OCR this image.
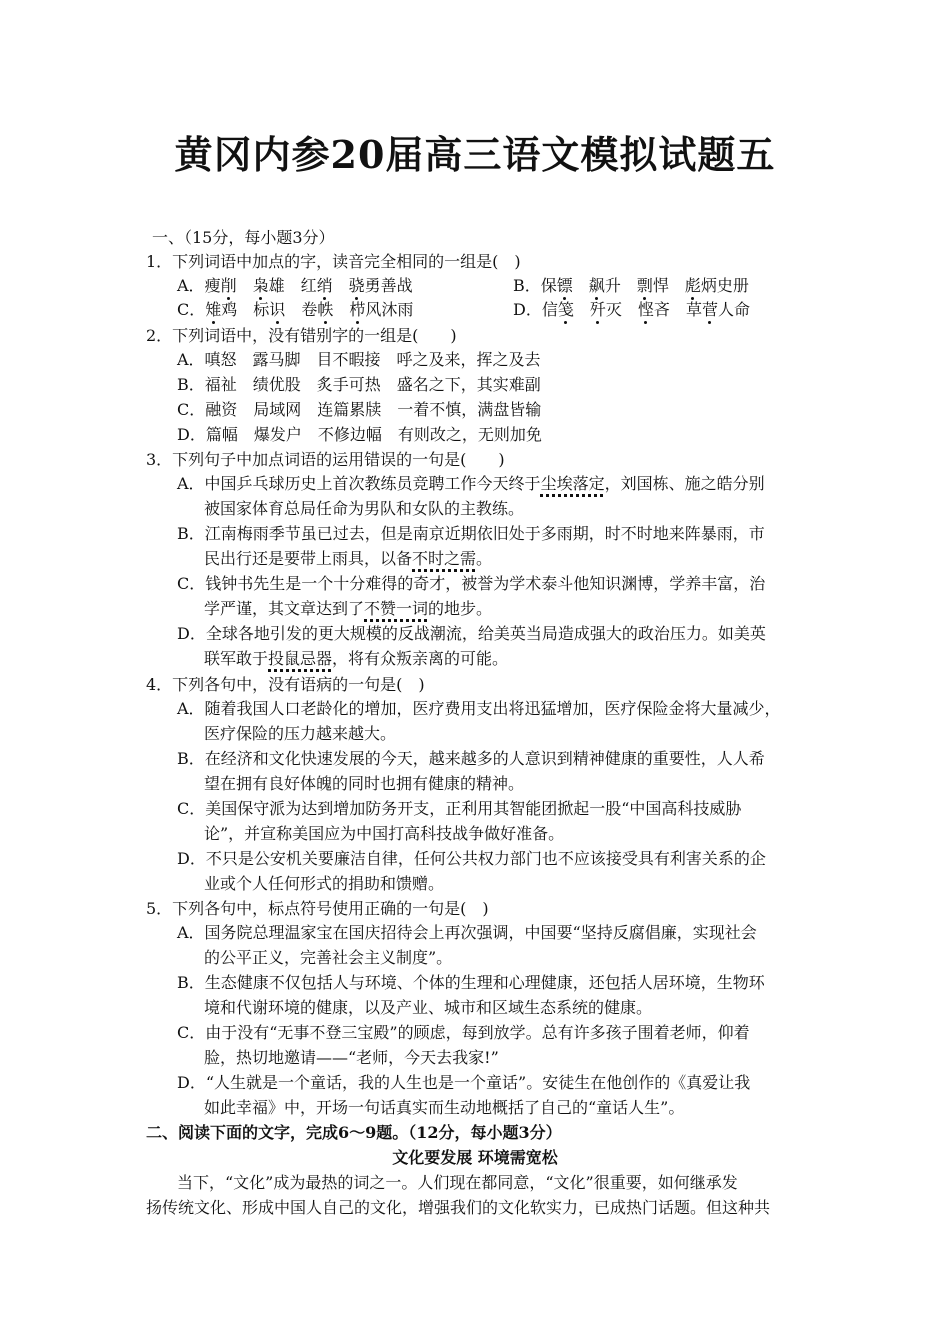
黄冈内参20届高三语文模拟试题五
一、（15分，每小题3分）
1．下列词语中加点的字，读音完全相同的一组是(　)
A．瘦削 枭雄 红绡 骁勇善战	B．保镖 飙升 剽悍 彪炳史册
C．雉鸡 标识 卷帙 栉风沐雨	D．信笺 歼灭 悭吝 草菅人命
2．下列词语中，没有错别字的一组是(　　)
A．嗔怒　露马脚　目不暇接　呼之及来，挥之及去
B．福祉　绩优股　炙手可热　盛名之下，其实难副
C．融资　局域网　连篇累牍　一着不慎，满盘皆输
D．篇幅　爆发户　不修边幅　有则改之，无则加免
3．下列句子中加点词语的运用错误的一句是(　　)
A．中国乒乓球历史上首次教练员竞聘工作今天终于尘埃落定，刘国栋、施之皓分别
被国家体育总局任命为男队和女队的主教练。
B．江南梅雨季节虽已过去，但是南京近期依旧处于多雨期，时不时地来阵暴雨，市
民出行还是要带上雨具，以备不时之需。
C．钱钟书先生是一个十分难得的奇才，被誉为学术泰斗他知识渊博，学养丰富，治
学严谨，其文章达到了不赞一词的地步。
D．全球各地引发的更大规模的反战潮流，给美英当局造成强大的政治压力。如美英
联军敢于投鼠忌器，将有众叛亲离的可能。
4．下列各句中，没有语病的一句是(　)
A．随着我国人口老龄化的增加，医疗费用支出将迅猛增加，医疗保险金将大量减少，
医疗保险的压力越来越大。
B．在经济和文化快速发展的今天，越来越多的人意识到精神健康的重要性，人人希
望在拥有良好体魄的同时也拥有健康的精神。
C．美国保守派为达到增加防务开支，正利用其智能团掀起一股“中国高科技威胁
论”，并宣称美国应为中国打高科技战争做好准备。
D．不只是公安机关要廉洁自律，任何公共权力部门也不应该接受具有利害关系的企
业或个人任何形式的捐助和馈赠。
5．下列各句中，标点符号使用正确的一句是(　)
A．国务院总理温家宝在国庆招待会上再次强调，中国要“坚持反腐倡廉，实现社会
的公平正义，完善社会主义制度”。
B．生态健康不仅包括人与环境、个体的生理和心理健康，还包括人居环境，生物环
境和代谢环境的健康，以及产业、城市和区域生态系统的健康。
C．由于没有“无事不登三宝殿”的顾虑，每到放学。总有许多孩子围着老师，仰着
脸，热切地邀请——“老师，今天去我家!”
D．“人生就是一个童话，我的人生也是一个童话”。安徒生在他创作的《真爱让我
如此幸福》中，开场一句话真实而生动地概括了自己的“童话人生”。
二、阅读下面的文字，完成6～9题。（12分，每小题3分）
文化要发展 环境需宽松
当下，“文化”成为最热的词之一。人们现在都同意，“文化”很重要，如何继承发
扬传统文化、形成中国人自己的文化，增强我们的文化软实力，已成热门话题。但这种共
